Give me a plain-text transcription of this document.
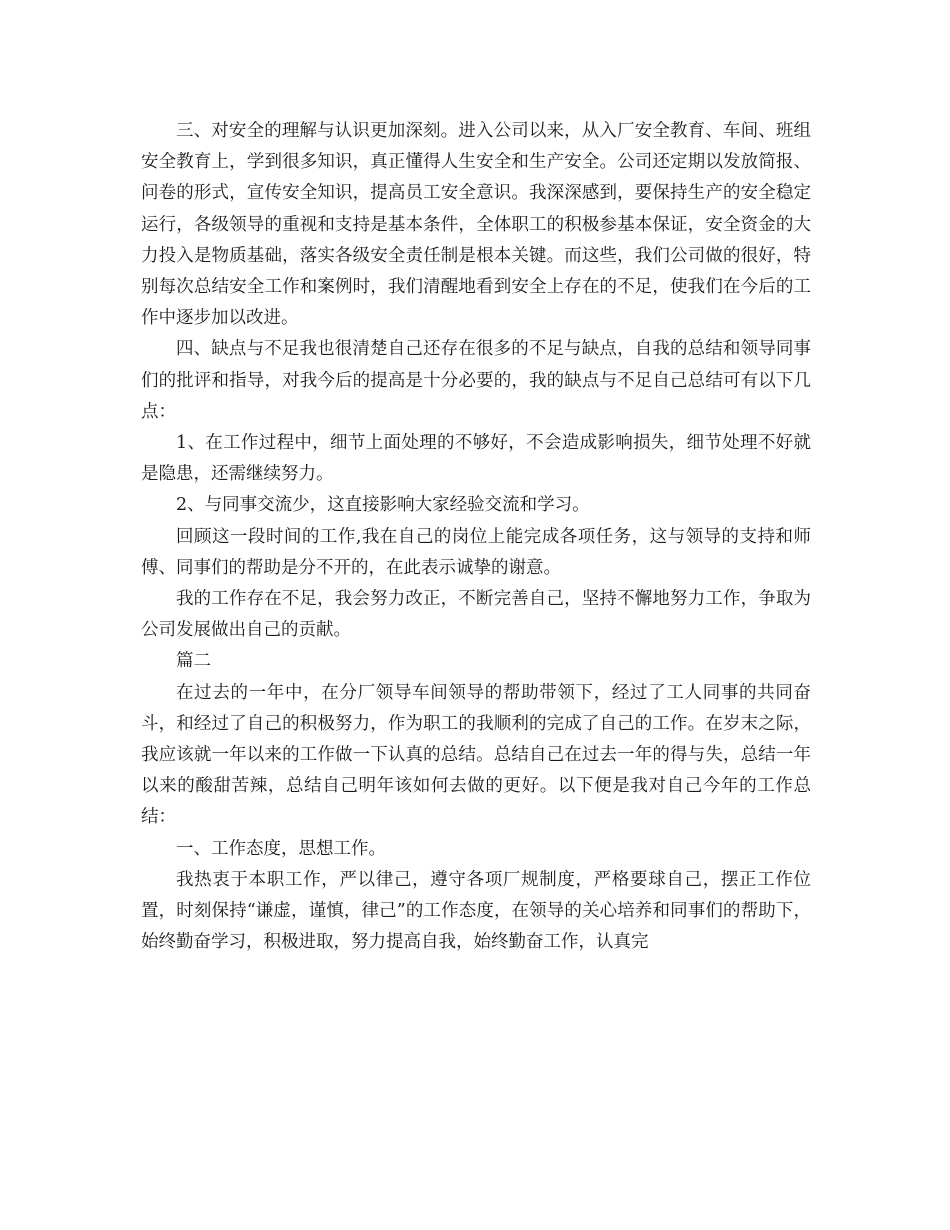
三、对安全的理解与认识更加深刻。进入公司以来，从入厂安全教育、车间、班组安全教育上，学到很多知识，真正懂得人生安全和生产安全。公司还定期以发放简报、问卷的形式，宣传安全知识，提高员工安全意识。我深深感到，要保持生产的安全稳定运行，各级领导的重视和支持是基本条件，全体职工的积极参基本保证，安全资金的大力投入是物质基础，落实各级安全责任制是根本关键。而这些，我们公司做的很好，特别每次总结安全工作和案例时，我们清醒地看到安全上存在的不足，使我们在今后的工作中逐步加以改进。

四、缺点与不足我也很清楚自己还存在很多的不足与缺点，自我的总结和领导同事们的批评和指导，对我今后的提高是十分必要的，我的缺点与不足自己总结可有以下几点：

1、在工作过程中，细节上面处理的不够好，不会造成影响损失，细节处理不好就是隐患，还需继续努力。

2、与同事交流少，这直接影响大家经验交流和学习。

回顾这一段时间的工作,我在自己的岗位上能完成各项任务，这与领导的支持和师傅、同事们的帮助是分不开的，在此表示诚挚的谢意。

我的工作存在不足，我会努力改正，不断完善自己，坚持不懈地努力工作，争取为公司发展做出自己的贡献。

篇二

在过去的一年中，在分厂领导车间领导的帮助带领下，经过了工人同事的共同奋斗，和经过了自己的积极努力，作为职工的我顺利的完成了自己的工作。在岁末之际，我应该就一年以来的工作做一下认真的总结。总结自己在过去一年的得与失，总结一年以来的酸甜苦辣，总结自己明年该如何去做的更好。以下便是我对自己今年的工作总结：

一、工作态度，思想工作。

我热衷于本职工作，严以律己，遵守各项厂规制度，严格要球自己，摆正工作位置，时刻保持“谦虚，谨慎，律己”的工作态度，在领导的关心培养和同事们的帮助下，始终勤奋学习，积极进取，努力提高自我，始终勤奋工作，认真完
